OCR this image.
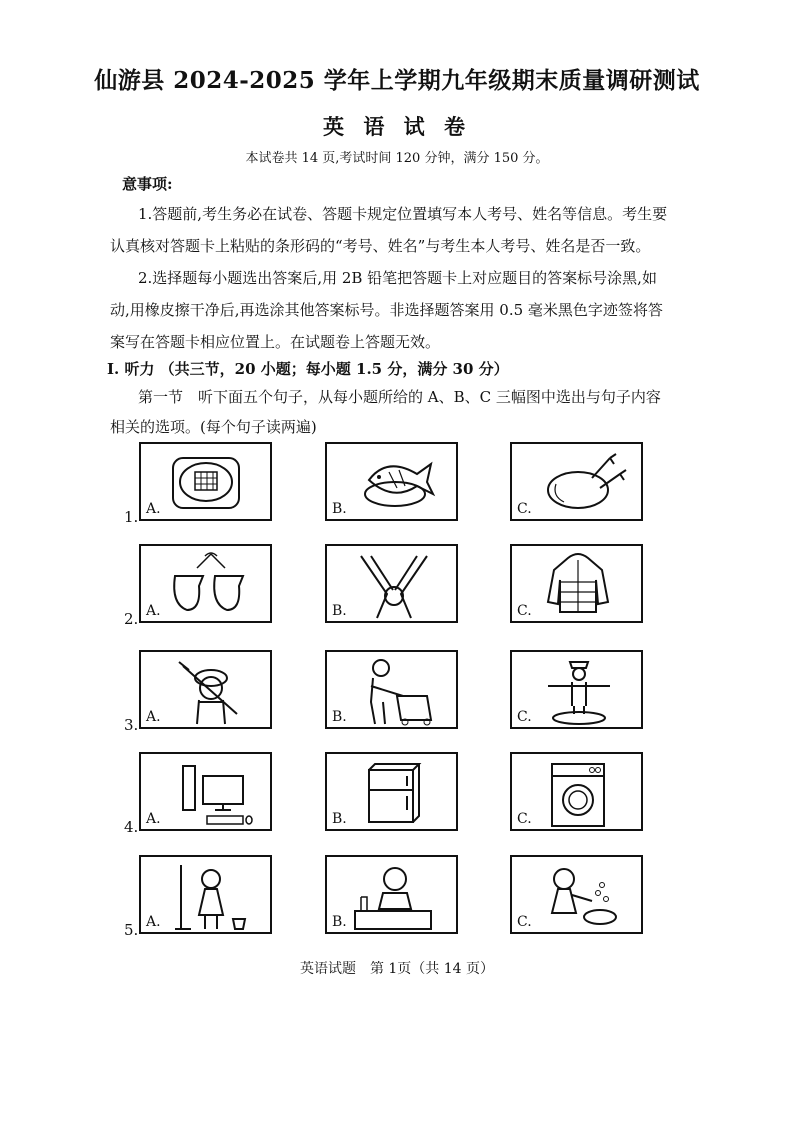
仙游县 2024-2025 学年上学期九年级期末质量调研测试
英 语 试 卷
本试卷共 14 页,考试时间 120 分钟，满分 150 分。
意事项:
1.答题前,考生务必在试卷、答题卡规定位置填写本人考号、姓名等信息。考生要认真核对答题卡上粘贴的条形码的“考号、姓名”与考生本人考号、姓名是否一致。
2.选择题每小题选出答案后,用 2B 铅笔把答题卡上对应题目的答案标号涂黑,如动,用橡皮擦干净后,再选涂其他答案标号。非选择题答案用 0.5 毫米黑色字迹签将答案写在答题卡相应位置上。在试题卷上答题无效。
I. 听力 （共三节，20 小题；每小题 1.5 分，满分 30 分）
第一节　听下面五个句子，从每小题所给的 A、B、C 三幅图中选出与句子内容相关的选项。(每个句子读两遍)
1. A.	B.	C.
2. A.	B.	C.
3. A.	B.	C.
4. A.	B.	C.
5. A.	B.	C.
英语试题　第 1页（共 14 页）
